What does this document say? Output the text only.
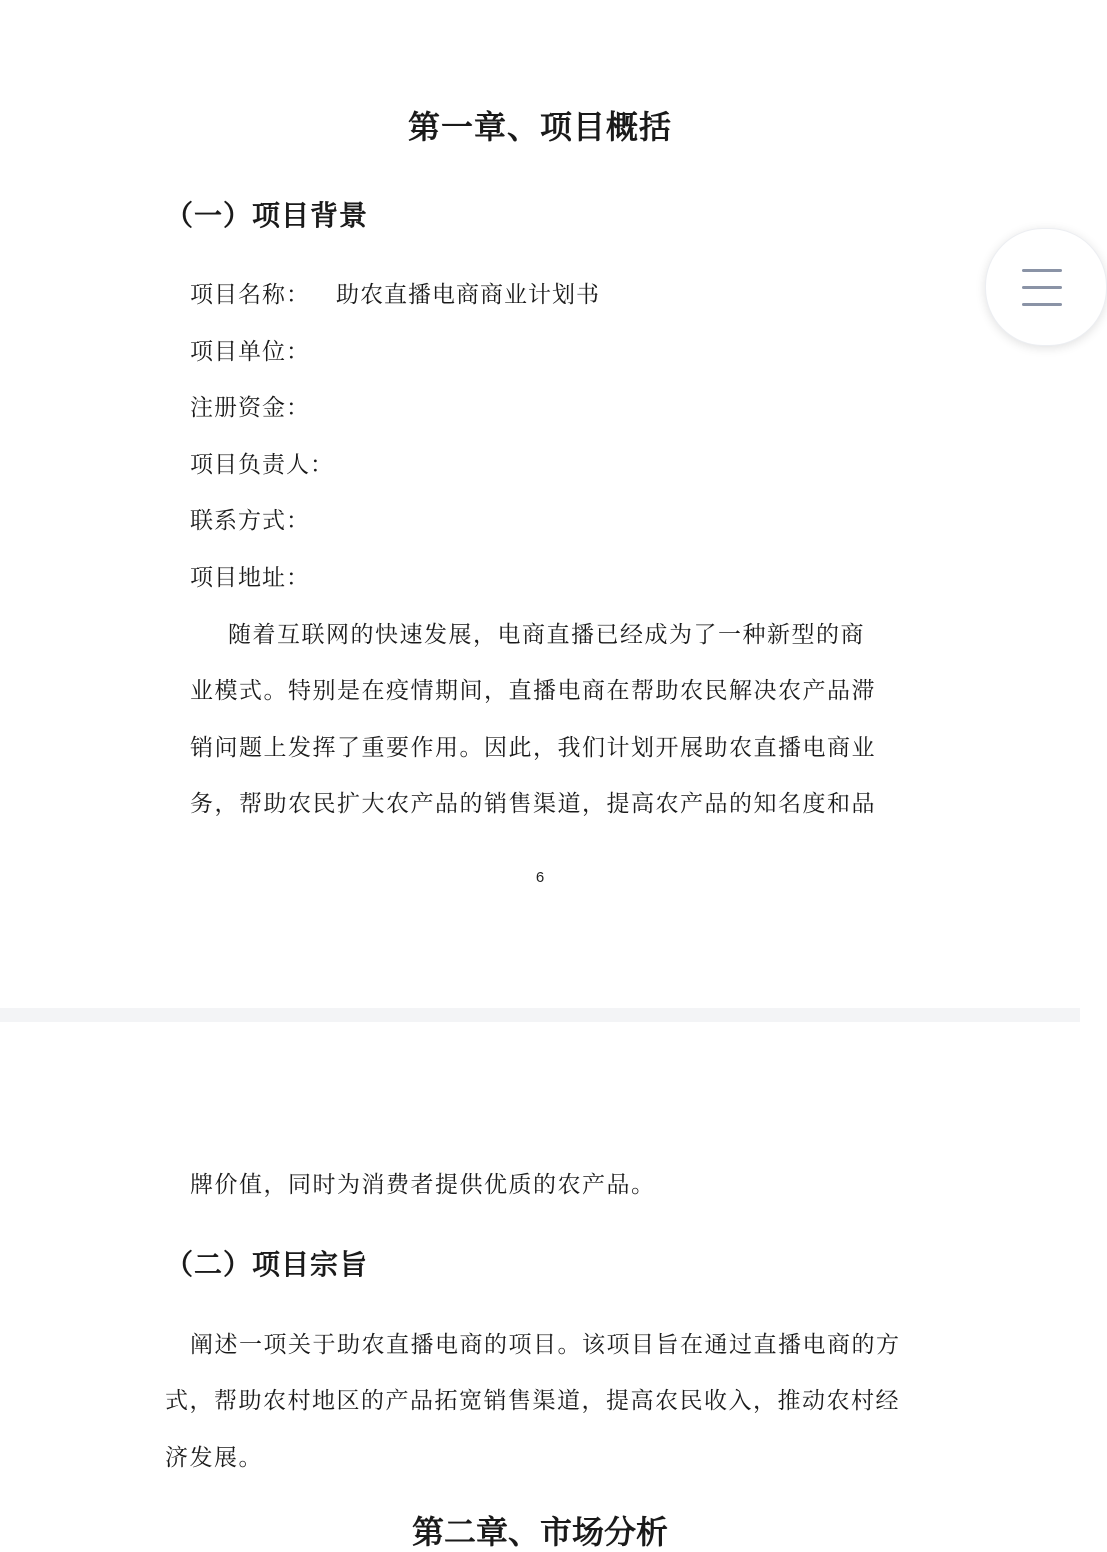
第一章、项目概括
（一）项目背景
项目名称： 助农直播电商商业计划书
项目单位：
注册资金：
项目负责人：
联系方式：
项目地址：
随着互联网的快速发展，电商直播已经成为了一种新型的商
业模式。特别是在疫情期间，直播电商在帮助农民解决农产品滞
销问题上发挥了重要作用。因此，我们计划开展助农直播电商业
务，帮助农民扩大农产品的销售渠道，提高农产品的知名度和品
6
牌价值，同时为消费者提供优质的农产品。
（二）项目宗旨
阐述一项关于助农直播电商的项目。该项目旨在通过直播电商的方
式，帮助农村地区的产品拓宽销售渠道，提高农民收入，推动农村经
济发展。
第二章、市场分析
